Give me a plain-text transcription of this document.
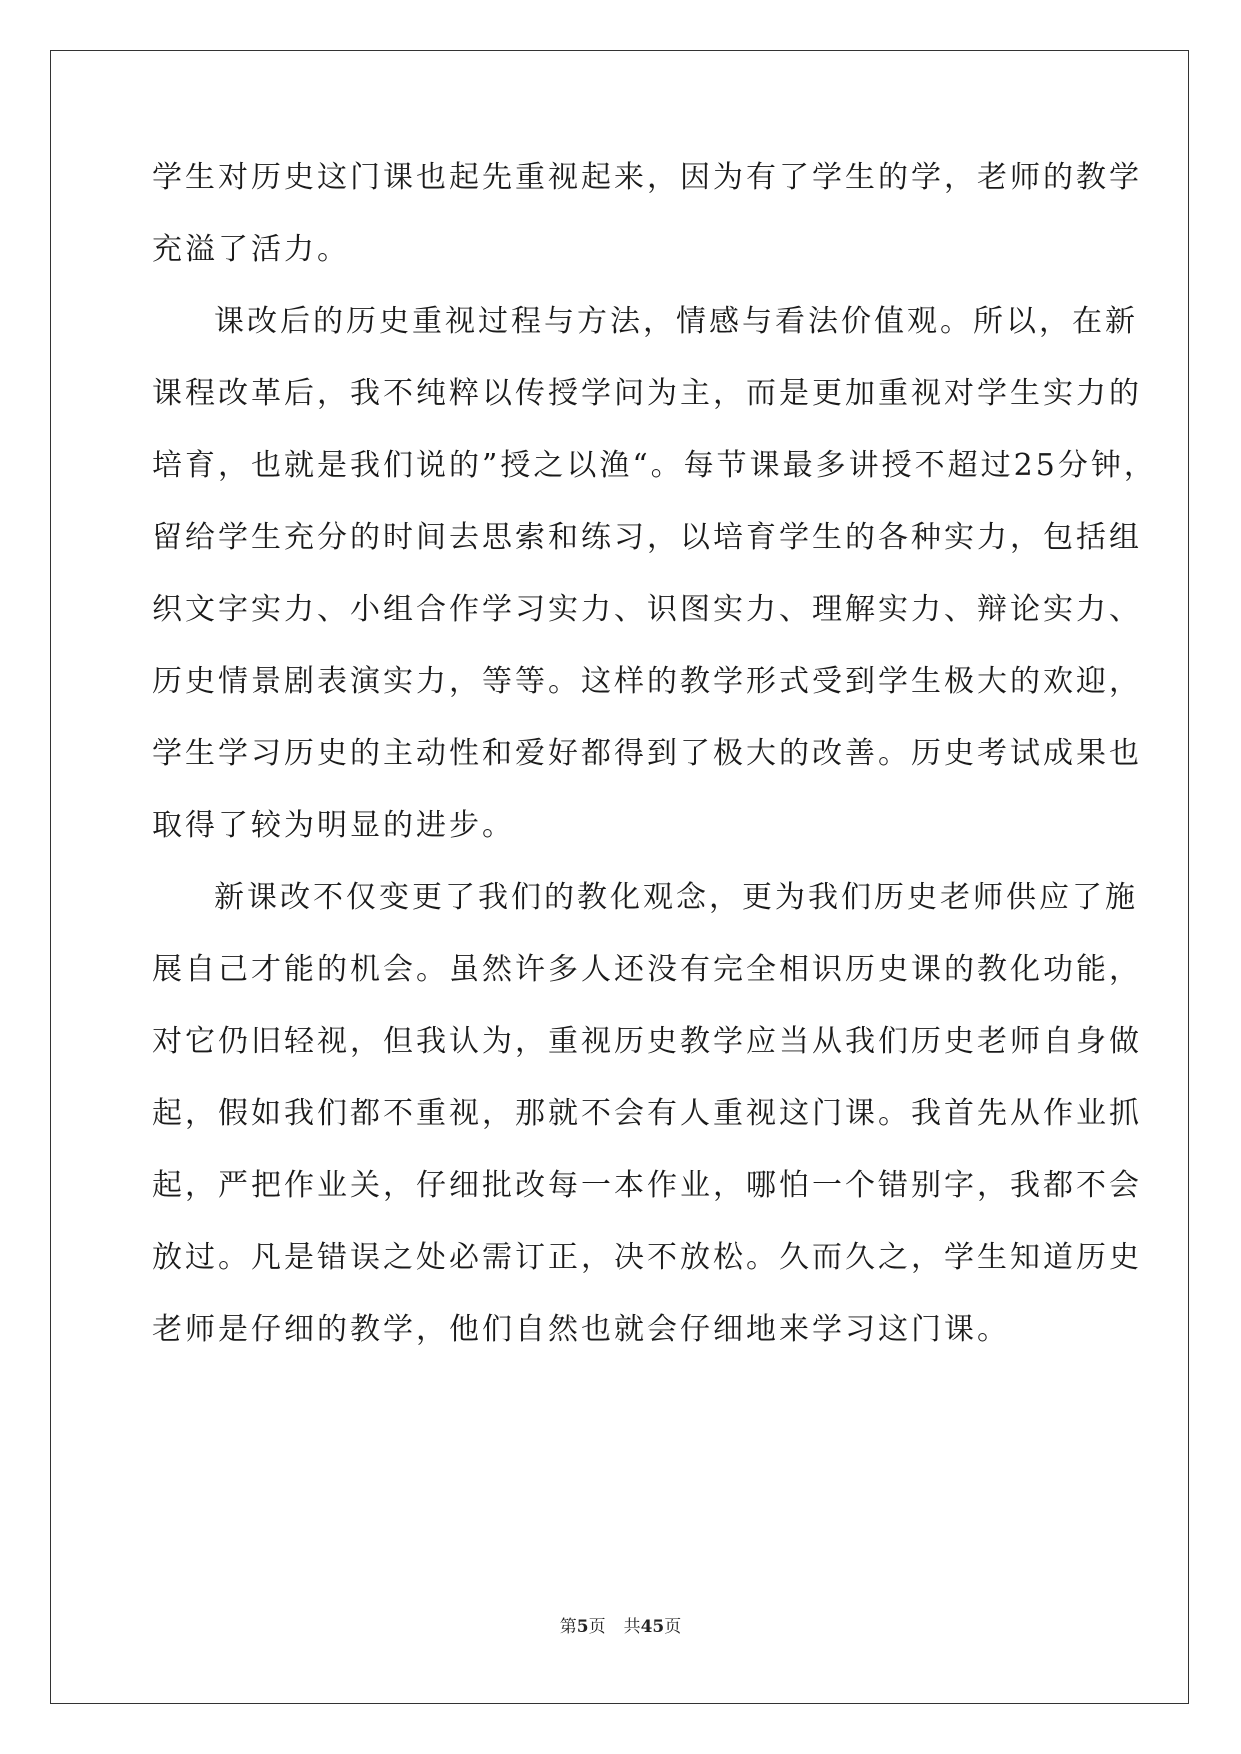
学生对历史这门课也起先重视起来，因为有了学生的学，老师的教学
充溢了活力。
课改后的历史重视过程与方法，情感与看法价值观。所以，在新
课程改革后，我不纯粹以传授学问为主，而是更加重视对学生实力的
培育，也就是我们说的”授之以渔“。每节课最多讲授不超过25分钟，
留给学生充分的时间去思索和练习，以培育学生的各种实力，包括组
织文字实力、小组合作学习实力、识图实力、理解实力、辩论实力、
历史情景剧表演实力，等等。这样的教学形式受到学生极大的欢迎，
学生学习历史的主动性和爱好都得到了极大的改善。历史考试成果也
取得了较为明显的进步。
新课改不仅变更了我们的教化观念，更为我们历史老师供应了施
展自己才能的机会。虽然许多人还没有完全相识历史课的教化功能，
对它仍旧轻视，但我认为，重视历史教学应当从我们历史老师自身做
起，假如我们都不重视，那就不会有人重视这门课。我首先从作业抓
起，严把作业关，仔细批改每一本作业，哪怕一个错别字，我都不会
放过。凡是错误之处必需订正，决不放松。久而久之，学生知道历史
老师是仔细的教学，他们自然也就会仔细地来学习这门课。
第5页 共45页
